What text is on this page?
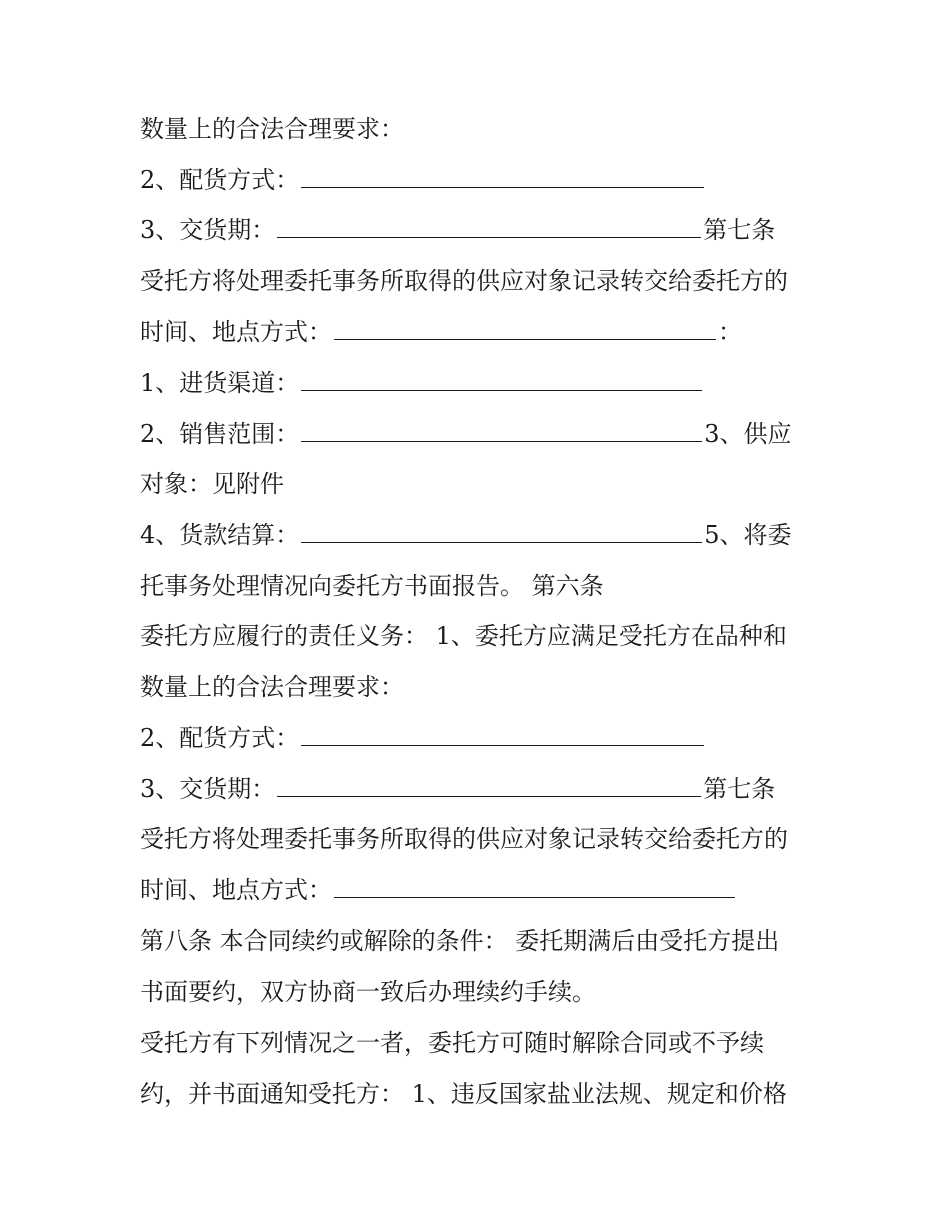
数量上的合法合理要求：
2、配货方式：
3、交货期：	第七条
受托方将处理委托事务所取得的供应对象记录转交给委托方的
时间、地点方式：	：
1、进货渠道：
2、销售范围：	3、供应
对象：见附件
4、货款结算：	5、将委
托事务处理情况向委托方书面报告。 第六条
委托方应履行的责任义务： 1、委托方应满足受托方在品种和
数量上的合法合理要求：
2、配货方式：
3、交货期：	第七条
受托方将处理委托事务所取得的供应对象记录转交给委托方的
时间、地点方式：
第八条 本合同续约或解除的条件： 委托期满后由受托方提出
书面要约，双方协商一致后办理续约手续。
受托方有下列情况之一者，委托方可随时解除合同或不予续
约，并书面通知受托方： 1、违反国家盐业法规、规定和价格
